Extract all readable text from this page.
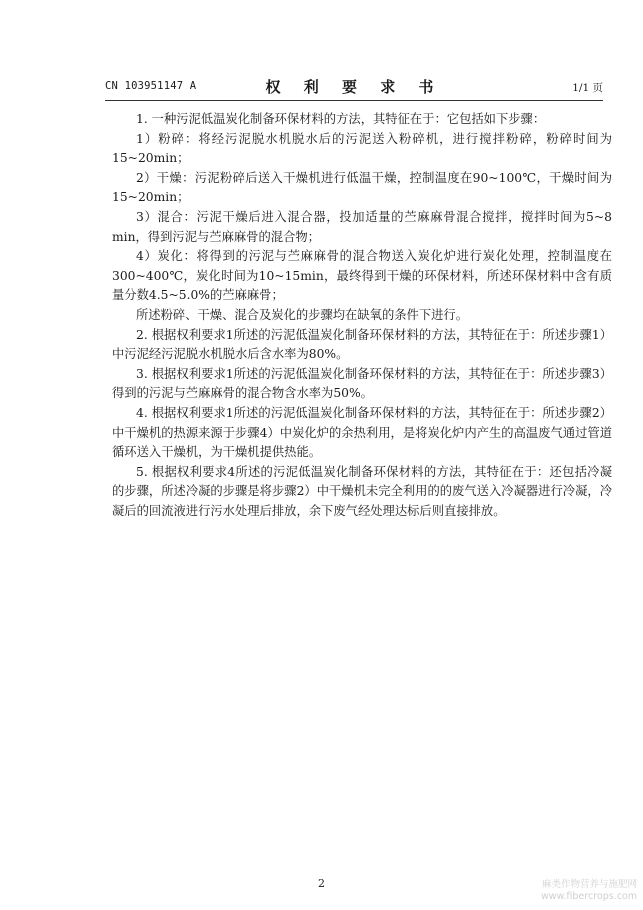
CN 103951147 A	权 利 要 求 书	1/1 页

1. 一种污泥低温炭化制备环保材料的方法，其特征在于：它包括如下步骤：

1）粉碎：将经污泥脱水机脱水后的污泥送入粉碎机，进行搅拌粉碎，粉碎时间为15~20min；

2）干燥：污泥粉碎后送入干燥机进行低温干燥，控制温度在90~100℃，干燥时间为15~20min；

3）混合：污泥干燥后进入混合器，投加适量的苎麻麻骨混合搅拌，搅拌时间为5~8 min，得到污泥与苎麻麻骨的混合物；

4）炭化：将得到的污泥与苎麻麻骨的混合物送入炭化炉进行炭化处理，控制温度在300~400℃，炭化时间为10~15min，最终得到干燥的环保材料，所述环保材料中含有质量分数4.5~5.0%的苎麻麻骨；

所述粉碎、干燥、混合及炭化的步骤均在缺氧的条件下进行。

2. 根据权利要求1所述的污泥低温炭化制备环保材料的方法，其特征在于：所述步骤1）中污泥经污泥脱水机脱水后含水率为80%。

3. 根据权利要求1所述的污泥低温炭化制备环保材料的方法，其特征在于：所述步骤3）得到的污泥与苎麻麻骨的混合物含水率为50%。

4. 根据权利要求1所述的污泥低温炭化制备环保材料的方法，其特征在于：所述步骤2）中干燥机的热源来源于步骤4）中炭化炉的余热利用，是将炭化炉内产生的高温废气通过管道循环送入干燥机，为干燥机提供热能。

5. 根据权利要求4所述的污泥低温炭化制备环保材料的方法，其特征在于：还包括冷凝的步骤，所述冷凝的步骤是将步骤2）中干燥机未完全利用的的废气送入冷凝器进行冷凝，冷凝后的回流液进行污水处理后排放，余下废气经处理达标后则直接排放。

2	麻类作物营养与施肥网
www.fibercrops.com
